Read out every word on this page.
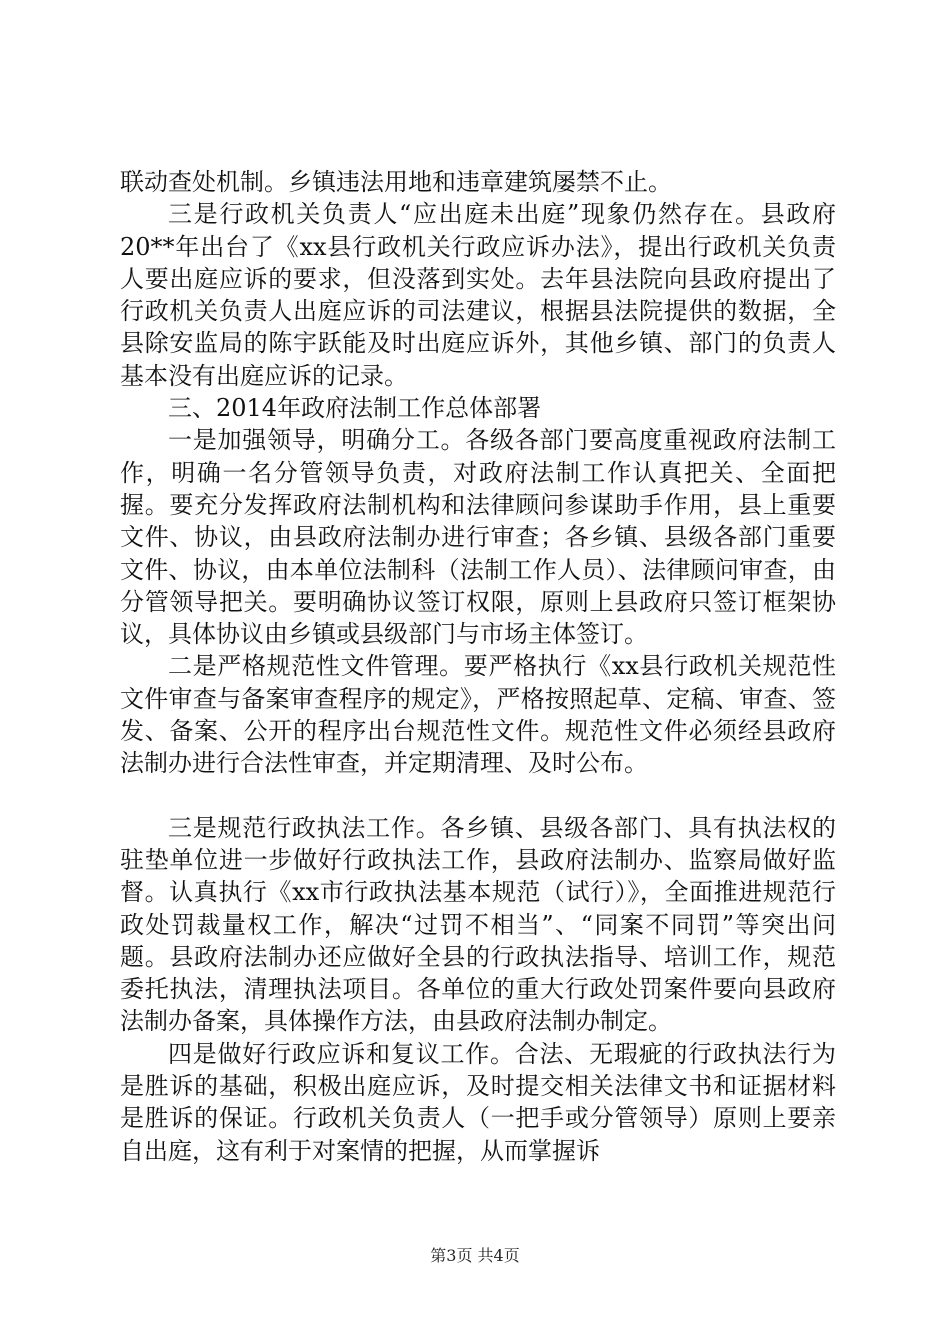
联动查处机制。乡镇违法用地和违章建筑屡禁不止。

三是行政机关负责人“应出庭未出庭”现象仍然存在。县政府20**年出台了《xx县行政机关行政应诉办法》，提出行政机关负责人要出庭应诉的要求，但没落到实处。去年县法院向县政府提出了行政机关负责人出庭应诉的司法建议，根据县法院提供的数据，全县除安监局的陈宇跃能及时出庭应诉外，其他乡镇、部门的负责人基本没有出庭应诉的记录。

三、2014年政府法制工作总体部署

一是加强领导，明确分工。各级各部门要高度重视政府法制工作，明确一名分管领导负责，对政府法制工作认真把关、全面把握。要充分发挥政府法制机构和法律顾问参谋助手作用，县上重要文件、协议，由县政府法制办进行审查；各乡镇、县级各部门重要文件、协议，由本单位法制科（法制工作人员）、法律顾问审查，由分管领导把关。要明确协议签订权限，原则上县政府只签订框架协议，具体协议由乡镇或县级部门与市场主体签订。

二是严格规范性文件管理。要严格执行《xx县行政机关规范性文件审查与备案审查程序的规定》，严格按照起草、定稿、审查、签发、备案、公开的程序出台规范性文件。规范性文件必须经县政府法制办进行合法性审查，并定期清理、及时公布。

三是规范行政执法工作。各乡镇、县级各部门、具有执法权的驻垫单位进一步做好行政执法工作，县政府法制办、监察局做好监督。认真执行《xx市行政执法基本规范（试行）》，全面推进规范行政处罚裁量权工作，解决“过罚不相当”、“同案不同罚”等突出问题。县政府法制办还应做好全县的行政执法指导、培训工作，规范委托执法，清理执法项目。各单位的重大行政处罚案件要向县政府法制办备案，具体操作方法，由县政府法制办制定。

四是做好行政应诉和复议工作。合法、无瑕疵的行政执法行为是胜诉的基础，积极出庭应诉，及时提交相关法律文书和证据材料是胜诉的保证。行政机关负责人（一把手或分管领导）原则上要亲自出庭，这有利于对案情的把握，从而掌握诉

第3页 共4页
